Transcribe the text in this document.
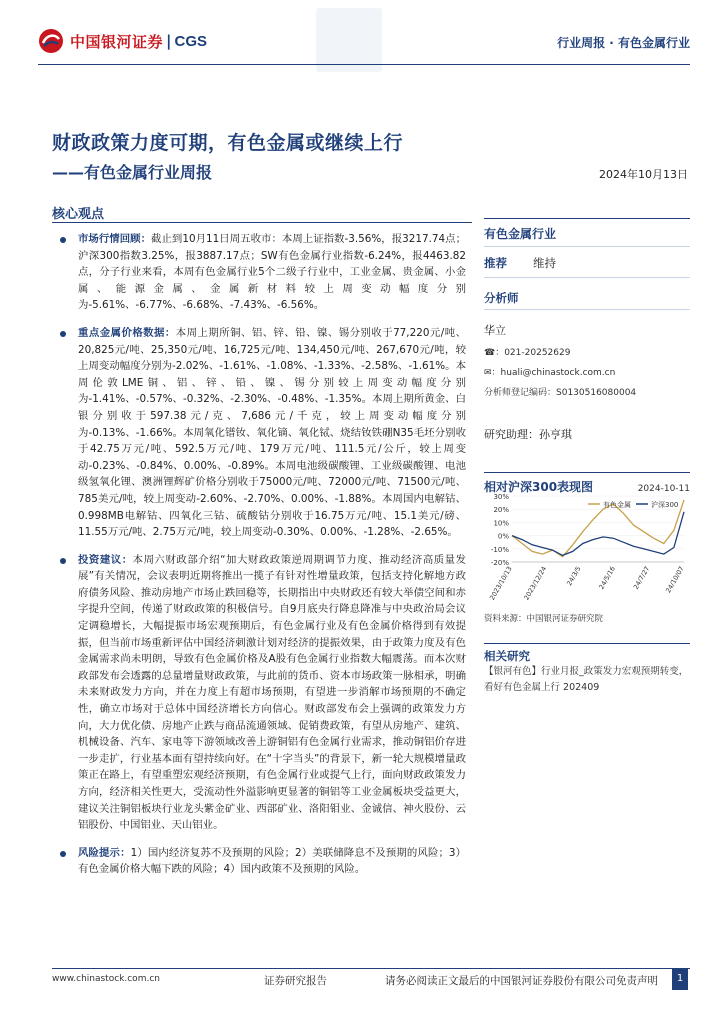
中国银河证券 | CGS	行业周报 · 有色金属行业
财政政策力度可期，有色金属或继续上行
——有色金属行业周报	2024年10月13日
核心观点

市场行情回顾：截止到10月11日周五收市：本周上证指数-3.56%，报3217.74点；沪深300指数3.25%，报3887.17点；SW有色金属行业指数-6.24%，报4463.82点，分子行业来看，本周有色金属行业5个二级子行业中，工业金属、贵金属、小金属、能源金属、金属新材料较上周变动幅度分别为-5.61%、-6.77%、-6.68%、-7.43%、-6.56%。

重点金属价格数据：本周上期所铜、铝、锌、铅、镍、锡分别收于77,220元/吨、20,825元/吨、25,350元/吨、16,725元/吨、134,450元/吨、267,670元/吨，较上周变动幅度分别为-2.02%、-1.61%、-1.08%、-1.33%、-2.58%、-1.61%。本周伦敦LME铜、铝、锌、铅、镍、锡分别较上周变动幅度分别为-1.41%、-0.57%、-0.32%、-2.30%、-0.48%、-1.35%。本周上期所黄金、白银分别收于597.38元/克、7,686元/千克，较上周变动幅度分别为-0.13%、-1.66%。本周氧化镨钕、氧化镝、氧化铽、烧结钕铁硼N35毛坯分别收于42.75万元/吨、592.5万元/吨、179万元/吨、111.5元/公斤，较上周变动-0.23%、-0.84%、0.00%、-0.89%。本周电池级碳酸锂、工业级碳酸锂、电池级氢氧化锂、澳洲锂辉矿价格分别收于75000元/吨、72000元/吨、71500元/吨、785美元/吨，较上周变动-2.60%、-2.70%、0.00%、-1.88%。本周国内电解钴、0.998MB电解钴、四氧化三钴、硫酸钴分别收于16.75万元/吨、15.1美元/磅、11.55万元/吨、2.75万元/吨，较上周变动-0.30%、0.00%、-1.28%、-2.65%。

投资建议：本周六财政部介绍“加大财政政策逆周期调节力度、推动经济高质量发展”有关情况，会议表明近期将推出一揽子有针对性增量政策，包括支持化解地方政府债务风险、推动房地产市场止跌回稳等，长期指出中央财政还有较大举债空间和赤字提升空间，传递了财政政策的积极信号。自9月底央行降息降准与中央政治局会议定调稳增长，大幅提振市场宏观预期后，有色金属行业及有色金属价格得到有效提振，但当前市场重新评估中国经济刺激计划对经济的提振效果，由于政策力度及有色金属需求尚未明朗，导致有色金属价格及A股有色金属行业指数大幅震荡。而本次财政部发布会透露的总量增量财政政策，与此前的货币、资本市场政策一脉相承，明确未来财政发力方向，并在力度上有超市场预期，有望进一步消解市场预期的不确定性，确立市场对于总体中国经济增长方向信心。财政部发布会上强调的政策发力方向，大力优化债、房地产止跌与商品流通领域、促销费政策，有望从房地产、建筑、机械设备、汽车、家电等下游领域改善上游铜铝有色金属行业需求，推动铜铝价存进一步走扩，行业基本面有望持续向好。在“十字当头”的背景下，新一轮大规模增量政策正在路上，有望重塑宏观经济预期，有色金属行业或提气上行，面向财政政策发力方向，经济相关性更大，受流动性外溢影响更显著的铜铝等工业金属板块受益更大，建议关注铜铝板块行业龙头紫金矿业、西部矿业、洛阳钼业、金诚信、神火股份、云铝股份、中国铝业、天山铝业。

风险提示：1）国内经济复苏不及预期的风险；2）美联储降息不及预期的风险；3）有色金属价格大幅下跌的风险；4）国内政策不及预期的风险。

有色金属行业
推荐 维持
分析师
华立
☎：021-20252629
✉：huali@chinastock.com.cn
分析师登记编码：S0130516080004
研究助理：孙亨琪
相对沪深300表现图	2024-10-11
30%
20%
10%
0%
-10%
-20%
2023/10/13 2023/12/24	24/3/5 24/5/16 24/7/27 24/10/07
有色金属	沪深300
资料来源：中国银河证券研究院
相关研究
【银河有色】行业月报_政策发力宏观预期转变，看好有色金属上行 202409
www.chinastock.com.cn	证券研究报告	请务必阅读正文最后的中国银河证券股份有限公司免责声明	1
